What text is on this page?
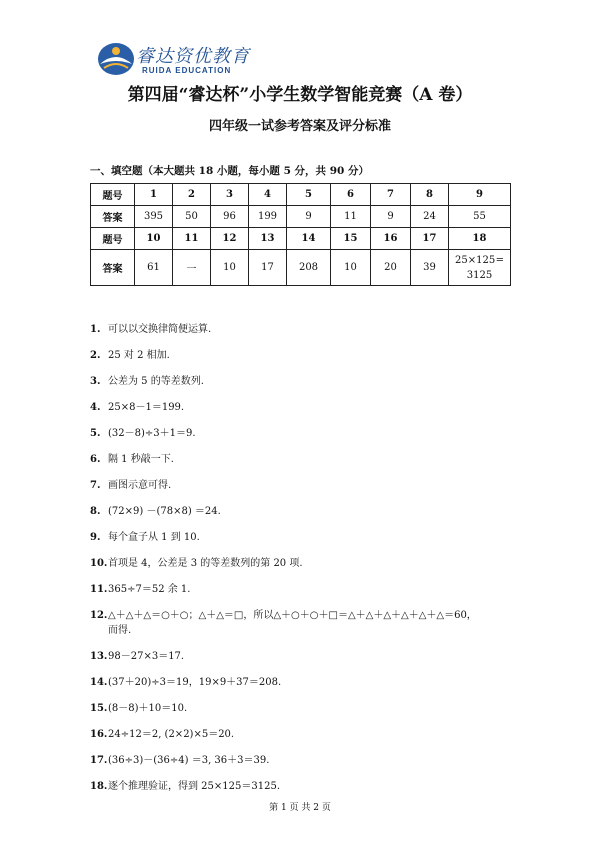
睿达资优教育
RUIDA EDUCATION
第四届“睿达杯”小学生数学智能竞赛（A 卷）
四年级一试参考答案及评分标准
一、填空题（本大题共 18 小题，每小题 5 分，共 90 分）
题号	1	2	3	4	5	6	7	8	9
答案	395	50	96	199	9	11	9	24	55
题号	10	11	12	13	14	15	16	17	18
答案	61	一	10	17	208	10	20	39	25×125 =
3125
1. 可以以交换律简便运算.
2. 25 对 2 相加.
3. 公差为 5 的等差数列.
4. 25×8－1＝199.
5. (32－8)÷3＋1＝9.
6. 隔 1 秒敲一下.
7. 画图示意可得.
8. (72×9) －(78×8) ＝24.
9. 每个盒子从 1 到 10.
10.首项是 4，公差是 3 的等差数列的第 20 项.
11.365÷7＝52 余 1.
12.△＋△＋△＝○＋○；△＋△＝□，所以△＋○＋○＋□＝△＋△＋△＋△＋△＋△＝60，
而得.
13.98－27×3＝17.
14.(37＋20)÷3＝19，19×9＋37＝208.
15.(8－8)＋10＝10.
16.24÷12＝2, (2×2)×5＝20.
17.(36÷3)－(36÷4) ＝3, 36＋3＝39.
18.逐个推理验证，得到 25×125＝3125.
第 1 页 共 2 页
